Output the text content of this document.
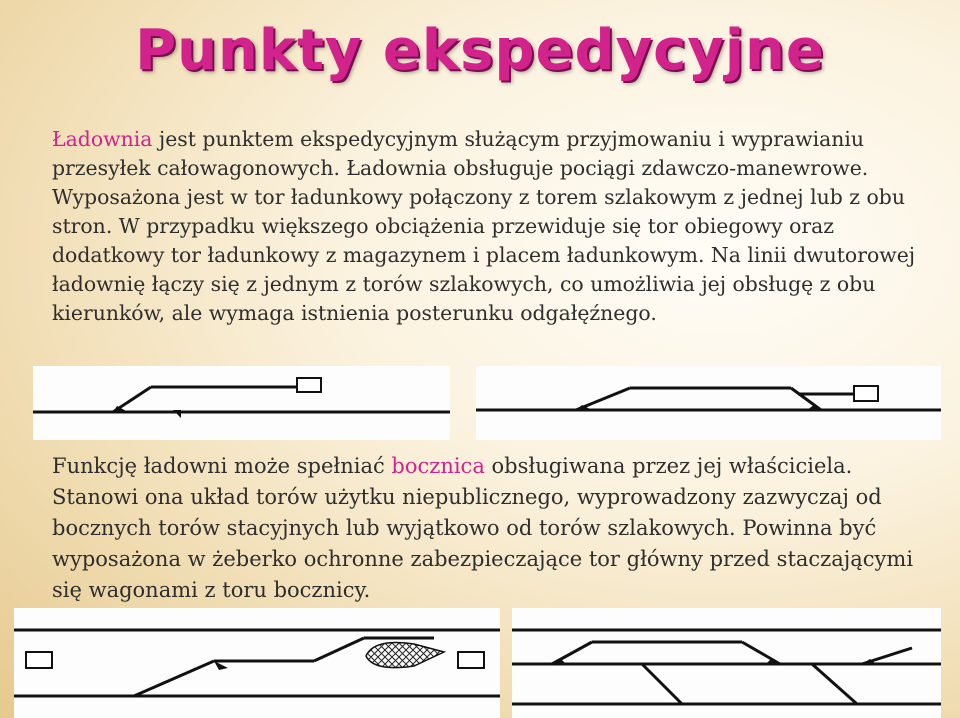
Punkty ekspedycyjne
Ładownia jest punktem ekspedycyjnym służącym przyjmowaniu i wyprawianiu przesyłek całowagonowych. Ładownia obsługuje pociągi zdawczo-manewrowe. Wyposażona jest w tor ładunkowy połączony z torem szlakowym z jednej lub z obu stron. W przypadku większego obciążenia przewiduje się tor obiegowy oraz dodatkowy tor ładunkowy z magazynem i placem ładunkowym. Na linii dwutorowej ładownię łączy się z jednym z torów szlakowych, co umożliwia jej obsługę z obu kierunków, ale wymaga istnienia posterunku odgałęźnego.
Funkcję ładowni może spełniać bocznica obsługiwana przez jej właściciela. Stanowi ona układ torów użytku niepublicznego, wyprowadzony zazwyczaj od bocznych torów stacyjnych lub wyjątkowo od torów szlakowych. Powinna być wyposażona w żeberko ochronne zabezpieczające tor główny przed staczającymi się wagonami z toru bocznicy.
